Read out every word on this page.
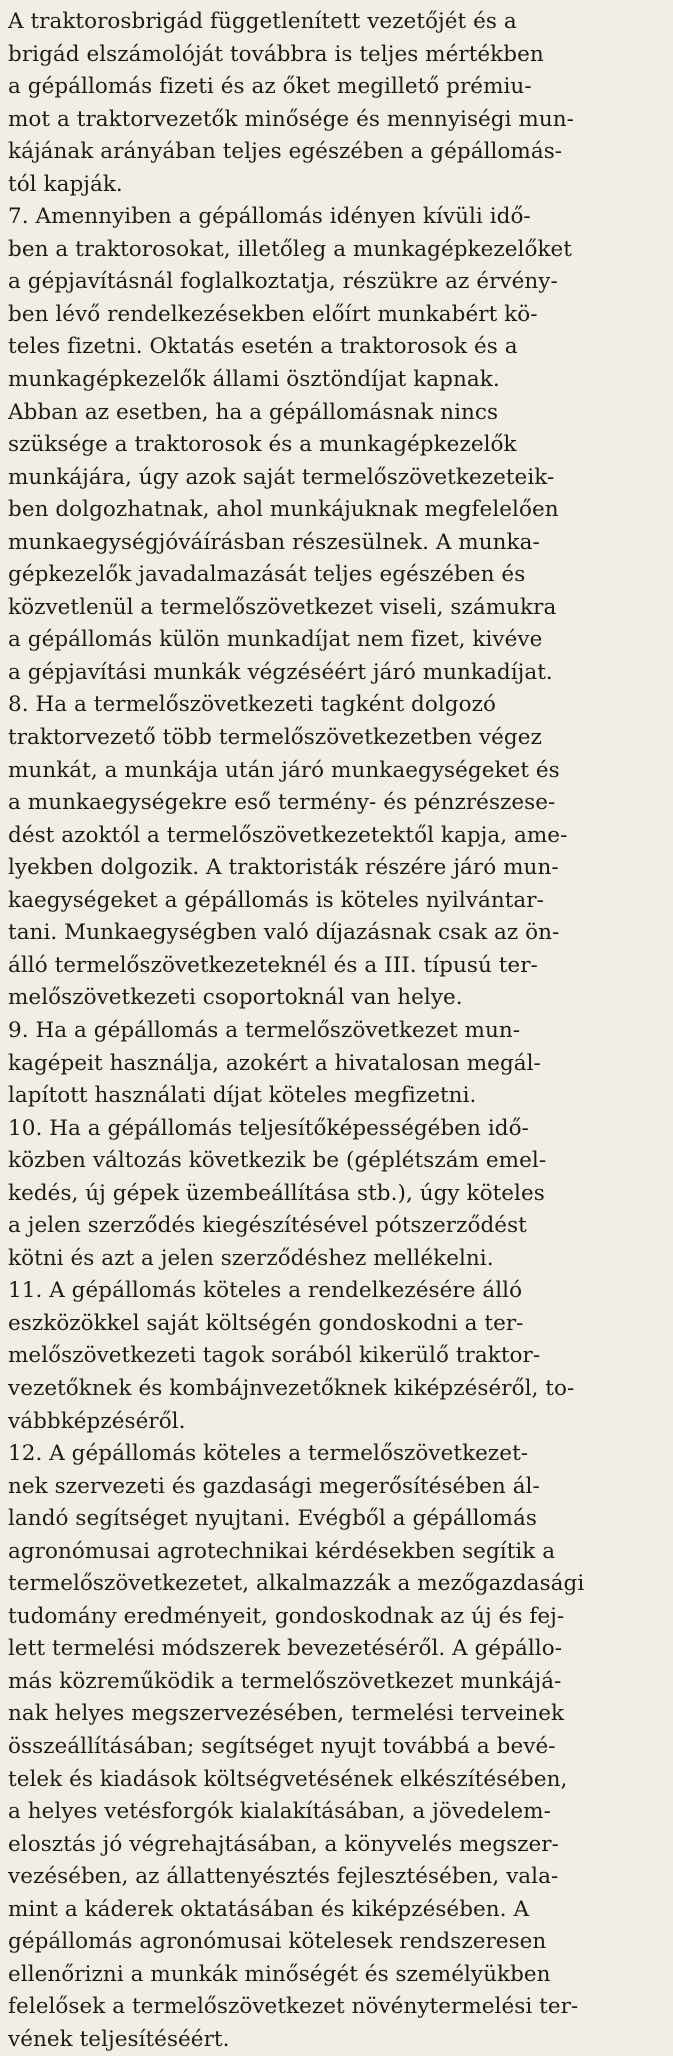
A traktorosbrigád függetlenített vezetőjét és a
brigád elszámolóját továbbra is teljes mértékben
a gépállomás fizeti és az őket megillető prémiu-
mot a traktorvezetők minősége és mennyiségi mun-
kájának arányában teljes egészében a gépállomás-
tól kapják.
7. Amennyiben a gépállomás idényen kívüli idő-
ben a traktorosokat, illetőleg a munkagépkezelőket
a gépjavításnál foglalkoztatja, részükre az érvény-
ben lévő rendelkezésekben előírt munkabért kö-
teles fizetni. Oktatás esetén a traktorosok és a
munkagépkezelők állami ösztöndíjat kapnak.
Abban az esetben, ha a gépállomásnak nincs
szüksége a traktorosok és a munkagépkezelők
munkájára, úgy azok saját termelőszövetkezeteik-
ben dolgozhatnak, ahol munkájuknak megfelelően
munkaegységjóváírásban részesülnek. A munka-
gépkezelők javadalmazását teljes egészében és
közvetlenül a termelőszövetkezet viseli, számukra
a gépállomás külön munkadíjat nem fizet, kivéve
a gépjavítási munkák végzéséért járó munkadíjat.
8. Ha a termelőszövetkezeti tagként dolgozó
traktorvezető több termelőszövetkezetben végez
munkát, a munkája után járó munkaegységeket és
a munkaegységekre eső termény- és pénzrészese-
dést azoktól a termelőszövetkezetektől kapja, ame-
lyekben dolgozik. A traktoristák részére járó mun-
kaegységeket a gépállomás is köteles nyilvántar-
tani. Munkaegységben való díjazásnak csak az ön-
álló termelőszövetkezeteknél és a III. típusú ter-
melőszövetkezeti csoportoknál van helye.
9. Ha a gépállomás a termelőszövetkezet mun-
kagépeit használja, azokért a hivatalosan megál-
lapított használati díjat köteles megfizetni.
10. Ha a gépállomás teljesítőképességében idő-
közben változás következik be (géplétszám emel-
kedés, új gépek üzembeállítása stb.), úgy köteles
a jelen szerződés kiegészítésével pótszerződést
kötni és azt a jelen szerződéshez mellékelni.
11. A gépállomás köteles a rendelkezésére álló
eszközökkel saját költségén gondoskodni a ter-
melőszövetkezeti tagok sorából kikerülő traktor-
vezetőknek és kombájnvezetőknek kiképzéséről, to-
vábbképzéséről.
12. A gépállomás köteles a termelőszövetkezet-
nek szervezeti és gazdasági megerősítésében ál-
landó segítséget nyujtani. Evégből a gépállomás
agronómusai agrotechnikai kérdésekben segítik a
termelőszövetkezetet, alkalmazzák a mezőgazdasági
tudomány eredményeit, gondoskodnak az új és fej-
lett termelési módszerek bevezetéséről. A gépállo-
más közreműködik a termelőszövetkezet munkájá-
nak helyes megszervezésében, termelési terveinek
összeállításában; segítséget nyujt továbbá a bevé-
telek és kiadások költségvetésének elkészítésében,
a helyes vetésforgók kialakításában, a jövedelem-
elosztás jó végrehajtásában, a könyvelés megszer-
vezésében, az állattenyésztés fejlesztésében, vala-
mint a káderek oktatásában és kiképzésében. A
gépállomás agronómusai kötelesek rendszeresen
ellenőrizni a munkák minőségét és személyükben
felelősek a termelőszövetkezet növénytermelési ter-
vének teljesítéséért.
